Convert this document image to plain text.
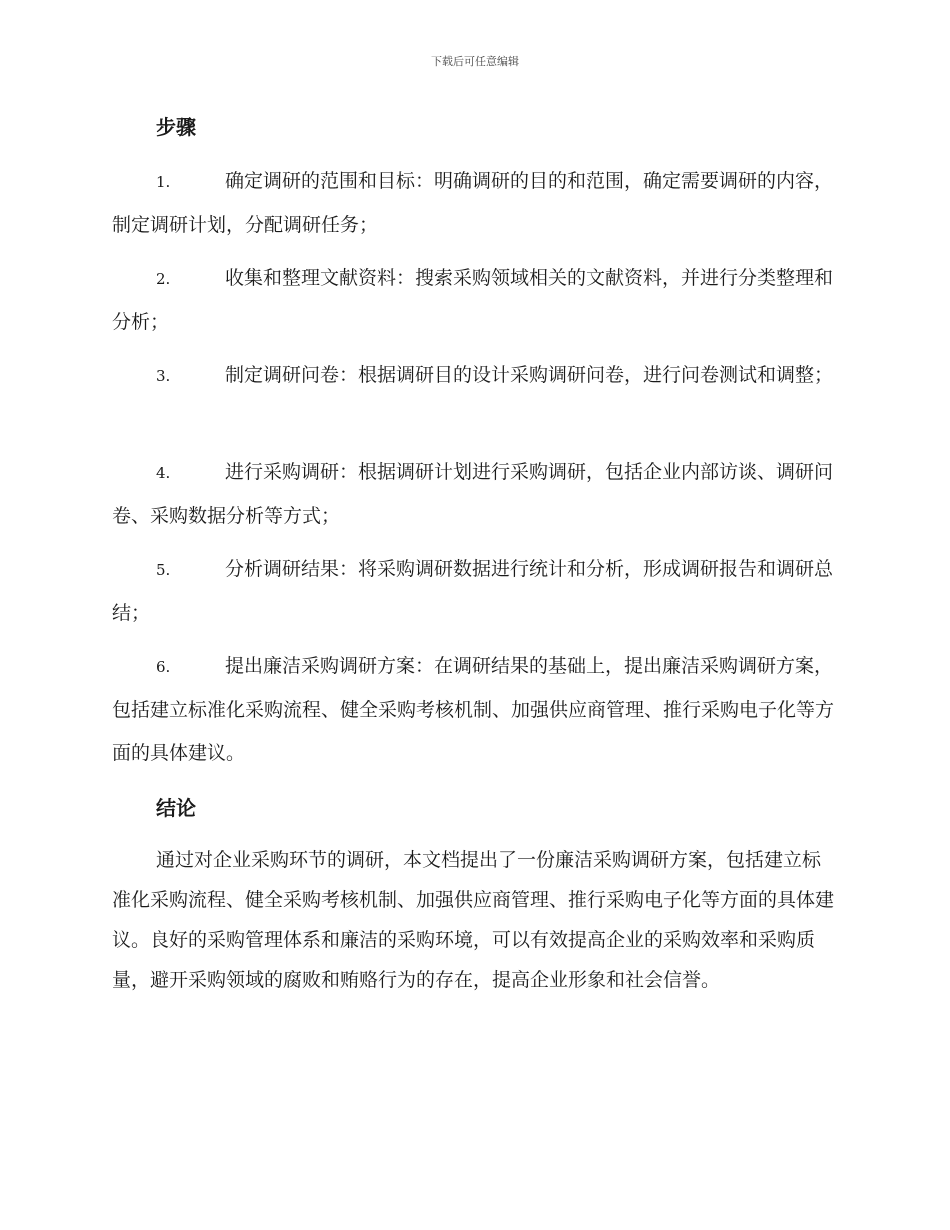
下载后可任意编辑
步骤

1.	确定调研的范围和目标：明确调研的目的和范围，确定需要调研的内容，制定调研计划，分配调研任务；

2.	收集和整理文献资料：搜索采购领域相关的文献资料，并进行分类整理和分析；

3.	制定调研问卷：根据调研目的设计采购调研问卷，进行问卷测试和调整；

4.	进行采购调研：根据调研计划进行采购调研，包括企业内部访谈、调研问卷、采购数据分析等方式；

5.	分析调研结果：将采购调研数据进行统计和分析，形成调研报告和调研总结；

6.	提出廉洁采购调研方案：在调研结果的基础上，提出廉洁采购调研方案，包括建立标准化采购流程、健全采购考核机制、加强供应商管理、推行采购电子化等方面的具体建议。

结论

通过对企业采购环节的调研，本文档提出了一份廉洁采购调研方案，包括建立标准化采购流程、健全采购考核机制、加强供应商管理、推行采购电子化等方面的具体建议。良好的采购管理体系和廉洁的采购环境，可以有效提高企业的采购效率和采购质量，避开采购领域的腐败和贿赂行为的存在，提高企业形象和社会信誉。
